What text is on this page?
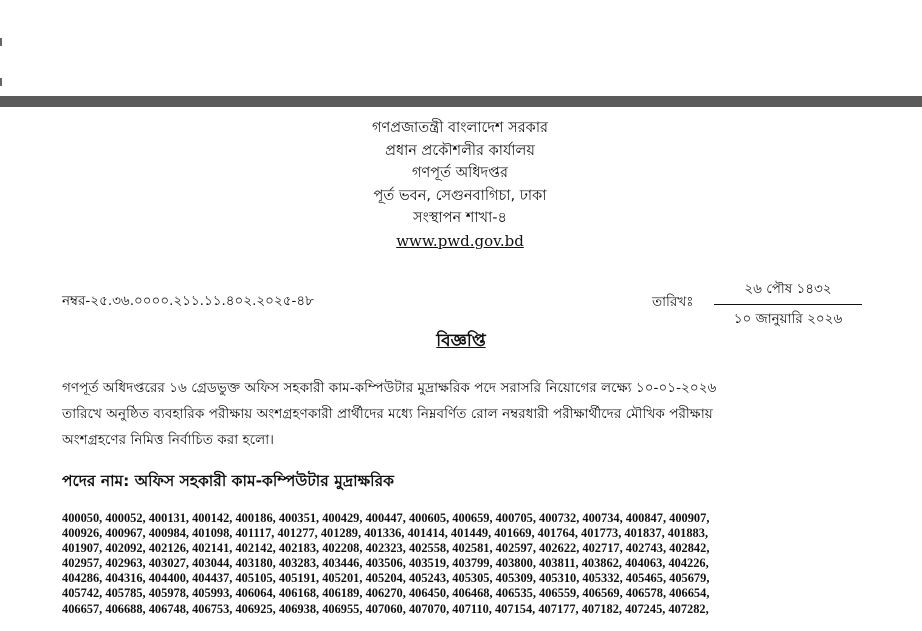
গণপ্রজাতন্ত্রী বাংলাদেশ সরকার
প্রধান প্রকৌশলীর কার্যালয়
গণপূর্ত অধিদপ্তর
পূর্ত ভবন, সেগুনবাগিচা, ঢাকা
সংস্থাপন শাখা-৪
www.pwd.gov.bd
নম্বর-২৫.৩৬.০০০০.২১১.১১.৪০২.২০২৫-৪৮	তারিখঃ
২৬ পৌষ ১৪৩২
১০ জানুয়ারি ২০২৬
বিজ্ঞপ্তি
গণপূর্ত অধিদপ্তরের ১৬ গ্রেডভুক্ত অফিস সহকারী কাম-কম্পিউটার মুদ্রাক্ষরিক পদে সরাসরি নিয়োগের লক্ষ্যে ১০-০১-২০২৬
তারিখে অনুষ্ঠিত ব্যবহারিক পরীক্ষায় অংশগ্রহণকারী প্রার্থীদের মধ্যে নিম্নবর্ণিত রোল নম্বরধারী পরীক্ষার্থীদের মৌখিক পরীক্ষায়
অংশগ্রহণের নিমিত্ত নির্বাচিত করা হলো।
পদের নাম: অফিস সহকারী কাম-কম্পিউটার মুদ্রাক্ষরিক
400050, 400052, 400131, 400142, 400186, 400351, 400429, 400447, 400605, 400659, 400705, 400732, 400734, 400847, 400907,
400926, 400967, 400984, 401098, 401117, 401277, 401289, 401336, 401414, 401449, 401669, 401764, 401773, 401837, 401883,
401907, 402092, 402126, 402141, 402142, 402183, 402208, 402323, 402558, 402581, 402597, 402622, 402717, 402743, 402842,
402957, 402963, 403027, 403044, 403180, 403283, 403446, 403506, 403519, 403799, 403800, 403811, 403862, 404063, 404226,
404286, 404316, 404400, 404437, 405105, 405191, 405201, 405204, 405243, 405305, 405309, 405310, 405332, 405465, 405679,
405742, 405785, 405978, 405993, 406064, 406168, 406189, 406270, 406450, 406468, 406535, 406559, 406569, 406578, 406654,
406657, 406688, 406748, 406753, 406925, 406938, 406955, 407060, 407070, 407110, 407154, 407177, 407182, 407245, 407282,
